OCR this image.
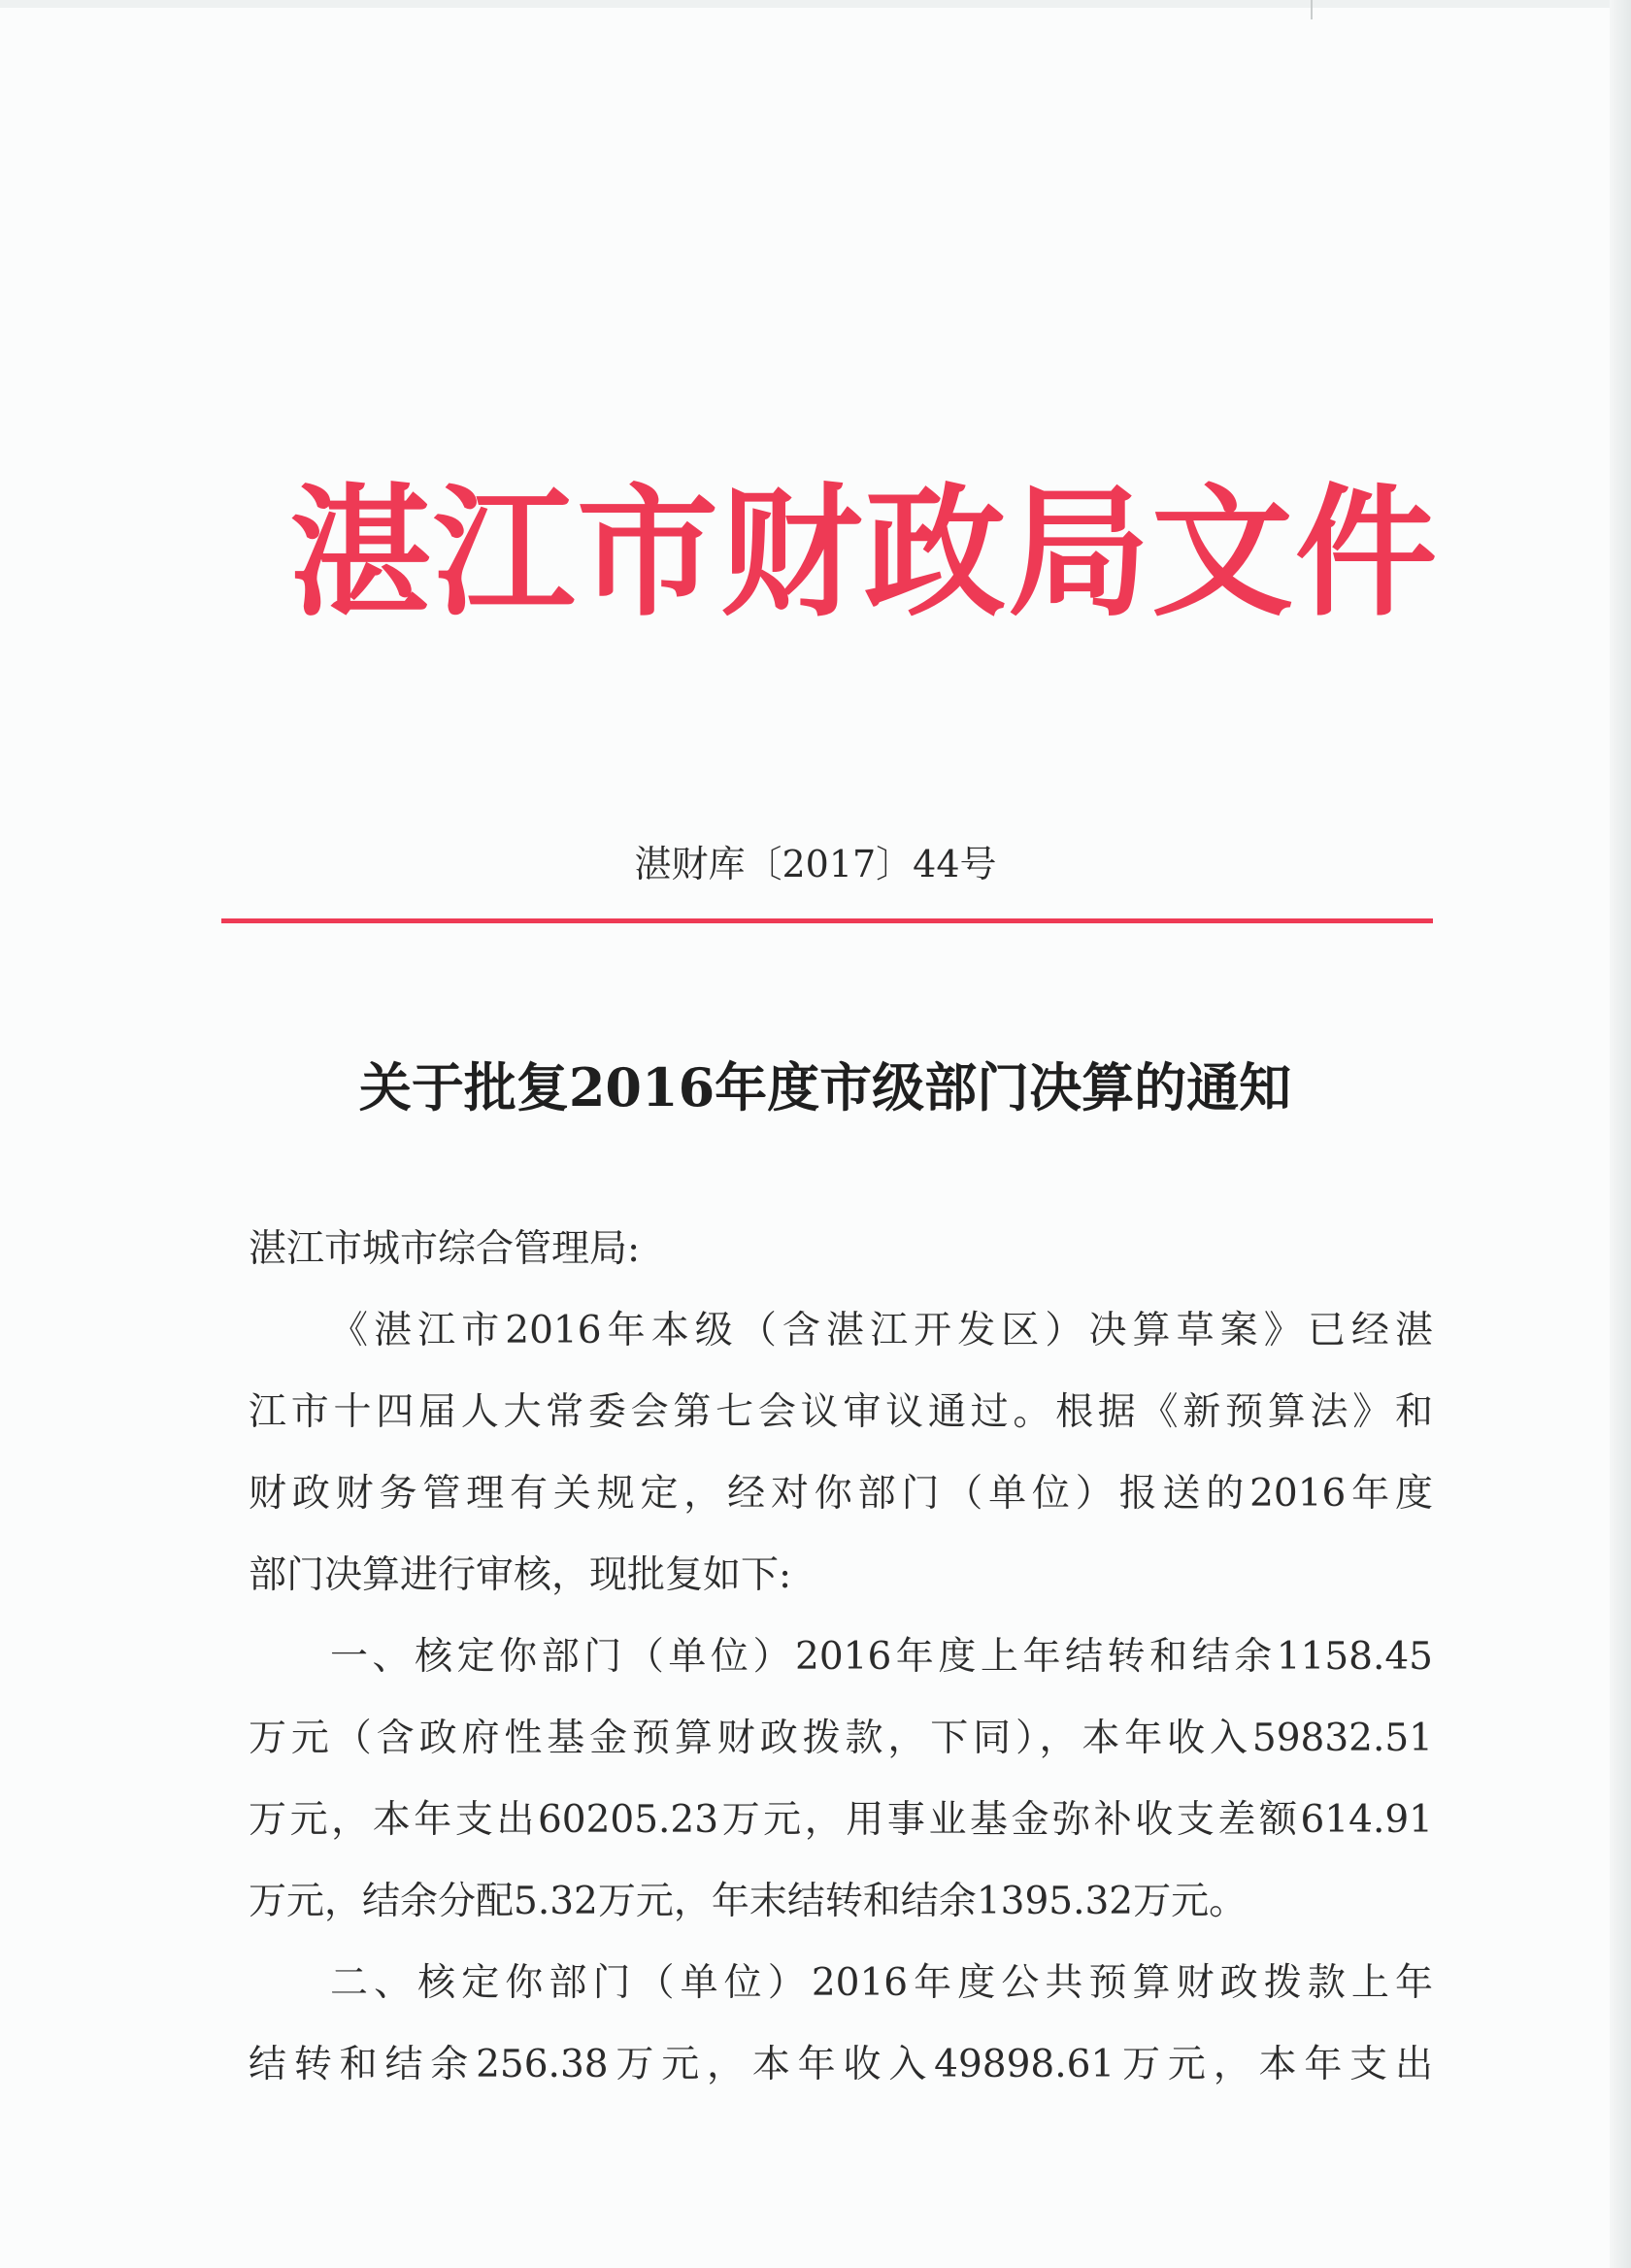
湛江市财政局文件
湛财库〔2017〕44号
关于批复2016年度市级部门决算的通知
湛江市城市综合管理局:
《湛江市2016年本级（含湛江开发区）决算草案》已经湛
江市十四届人大常委会第七会议审议通过。根据《新预算法》和
财政财务管理有关规定，经对你部门（单位）报送的2016年度
部门决算进行审核，现批复如下:
一、核定你部门（单位）2016年度上年结转和结余1158.45
万元（含政府性基金预算财政拨款，下同），本年收入59832.51
万元，本年支出60205.23万元，用事业基金弥补收支差额614.91
万元，结余分配5.32万元，年末结转和结余1395.32万元。
二、核定你部门（单位）2016年度公共预算财政拨款上年
结转和结余256.38万元，本年收入49898.61万元，本年支出
